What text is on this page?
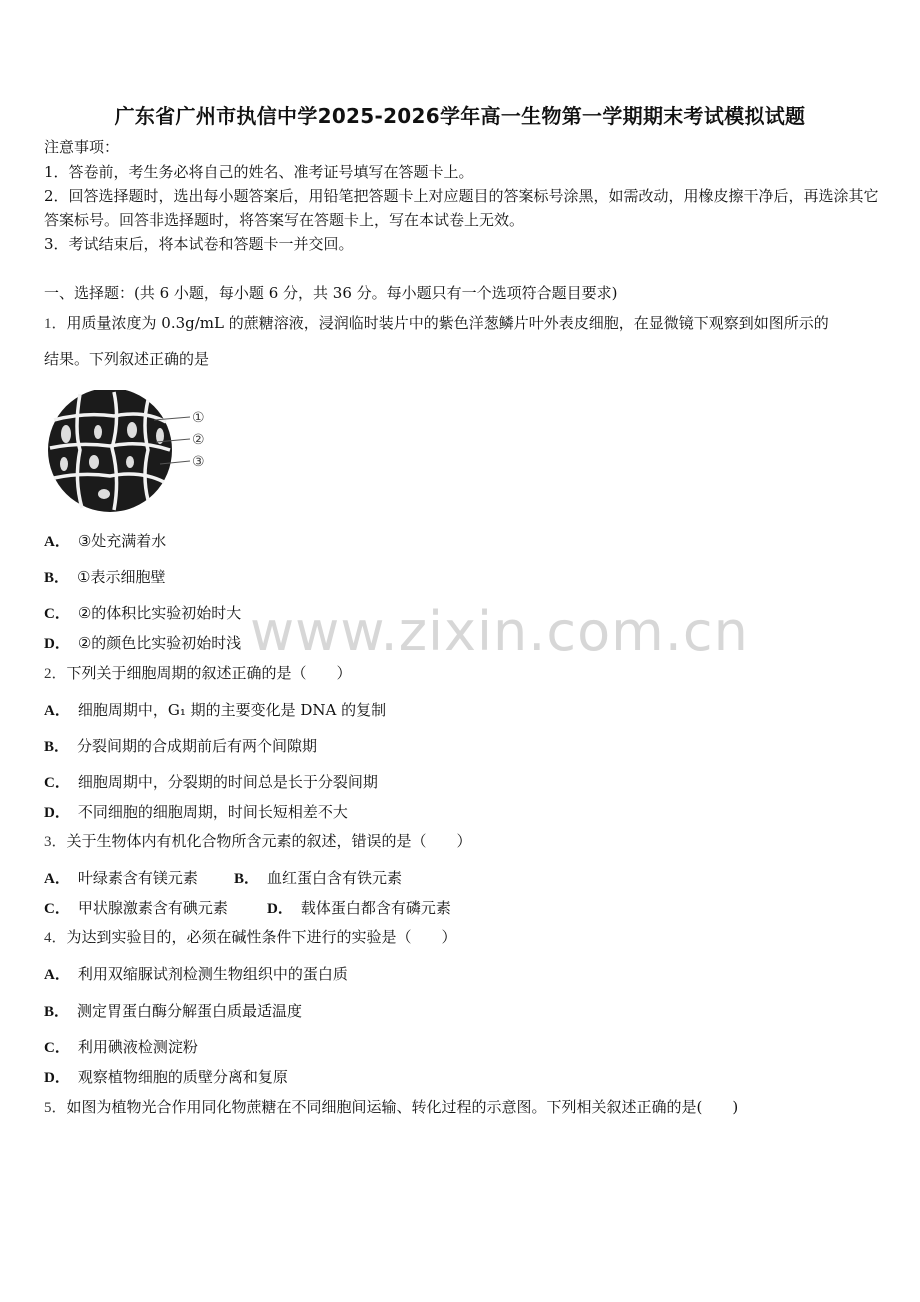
广东省广州市执信中学2025-2026学年高一生物第一学期期末考试模拟试题
注意事项：
1．答卷前，考生务必将自己的姓名、准考证号填写在答题卡上。
2．回答选择题时，选出每小题答案后，用铅笔把答题卡上对应题目的答案标号涂黑，如需改动，用橡皮擦干净后，再选涂其它答案标号。回答非选择题时，将答案写在答题卡上，写在本试卷上无效。
3．考试结束后，将本试卷和答题卡一并交回。
一、选择题：(共 6 小题，每小题 6 分，共 36 分。每小题只有一个选项符合题目要求)
1．用质量浓度为 0.3g/mL 的蔗糖溶液，浸润临时装片中的紫色洋葱鳞片叶外表皮细胞，在显微镜下观察到如图所示的
结果。下列叙述正确的是
①
②
③
A． ③处充满着水
B． ①表示细胞壁
C． ②的体积比实验初始时大
D． ②的颜色比实验初始时浅 www.zixin.com.cn
2．下列关于细胞周期的叙述正确的是（　　）
A． 细胞周期中，G₁ 期的主要变化是 DNA 的复制
B． 分裂间期的合成期前后有两个间隙期
C． 细胞周期中，分裂期的时间总是长于分裂间期
D． 不同细胞的细胞周期，时间长短相差不大
3．关于生物体内有机化合物所含元素的叙述，错误的是（　　）
A． 叶绿素含有镁元素 B． 血红蛋白含有铁元素
C． 甲状腺激素含有碘元素	D． 载体蛋白都含有磷元素
4．为达到实验目的，必须在碱性条件下进行的实验是（　　）
A． 利用双缩脲试剂检测生物组织中的蛋白质
B． 测定胃蛋白酶分解蛋白质最适温度
C． 利用碘液检测淀粉
D． 观察植物细胞的质壁分离和复原
5．如图为植物光合作用同化物蔗糖在不同细胞间运输、转化过程的示意图。下列相关叙述正确的是(　　)
